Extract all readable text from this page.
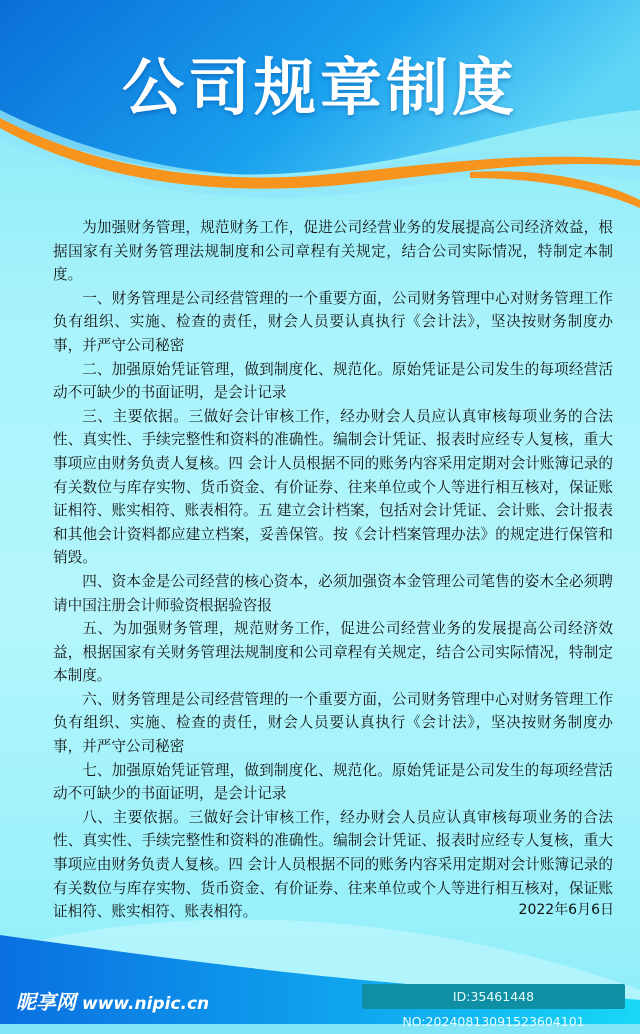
公司规章制度

为加强财务管理，规范财务工作，促进公司经营业务的发展提高公司经济效益，根据国家有关财务管理法规制度和公司章程有关规定，结合公司实际情况，特制定本制度。

一、财务管理是公司经营管理的一个重要方面，公司财务管理中心对财务管理工作负有组织、实施、检查的责任，财会人员要认真执行《会计法》，坚决按财务制度办事，并严守公司秘密

二、加强原始凭证管理，做到制度化、规范化。原始凭证是公司发生的每项经营活动不可缺少的书面证明，是会计记录

三、主要依据。三做好会计审核工作，经办财会人员应认真审核每项业务的合法性、真实性、手续完整性和资料的准确性。编制会计凭证、报表时应经专人复核，重大事项应由财务负责人复核。四 会计人员根据不同的账务内容采用定期对会计账簿记录的有关数位与库存实物、货币资金、有价证券、往来单位或个人等进行相互核对，保证账证相符、账实相符、账表相符。五 建立会计档案，包括对会计凭证、会计账、会计报表和其他会计资料都应建立档案，妥善保管。按《会计档案管理办法》的规定进行保管和销毁。

四、资本金是公司经营的核心资本，必须加强资本金管理公司笔售的姿木全必须聘请中国注册会计师验资根据验咨报

五、为加强财务管理，规范财务工作，促进公司经营业务的发展提高公司经济效益，根据国家有关财务管理法规制度和公司章程有关规定，结合公司实际情况，特制定本制度。

六、财务管理是公司经营管理的一个重要方面，公司财务管理中心对财务管理工作负有组织、实施、检查的责任，财会人员要认真执行《会计法》，坚决按财务制度办事，并严守公司秘密

七、加强原始凭证管理，做到制度化、规范化。原始凭证是公司发生的每项经营活动不可缺少的书面证明，是会计记录

八、主要依据。三做好会计审核工作，经办财会人员应认真审核每项业务的合法性、真实性、手续完整性和资料的准确性。编制会计凭证、报表时应经专人复核，重大事项应由财务负责人复核。四 会计人员根据不同的账务内容采用定期对会计账簿记录的有关数位与库存实物、货币资金、有价证券、往来单位或个人等进行相互核对，保证账证相符、账实相符、账表相符。	2022年6月6日
昵享网 www.nipic.cn	ID:35461448 NO:20240813091523604101
